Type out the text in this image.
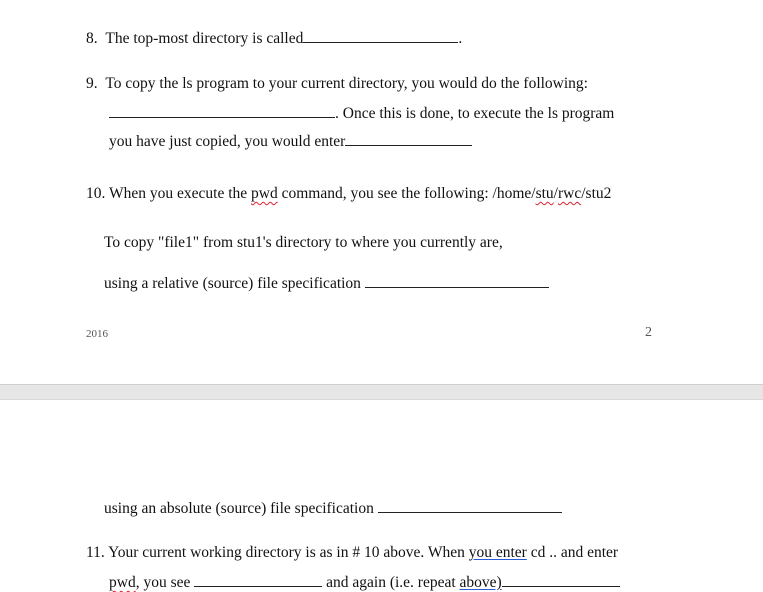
8. The top-most directory is called	.
9. To copy the ls program to your current directory, you would do the following:
. Once this is done, to execute the ls program
you have just copied, you would enter
10. When you execute the pwd command, you see the following: /home/stu/rwc/stu2
To copy "file1" from stu1's directory to where you currently are,
using a relative (source) file specification
2016	2
using an absolute (source) file specification
11. Your current working directory is as in # 10 above. When you enter cd .. and enter
pwd, you see	and again (i.e. repeat above)
